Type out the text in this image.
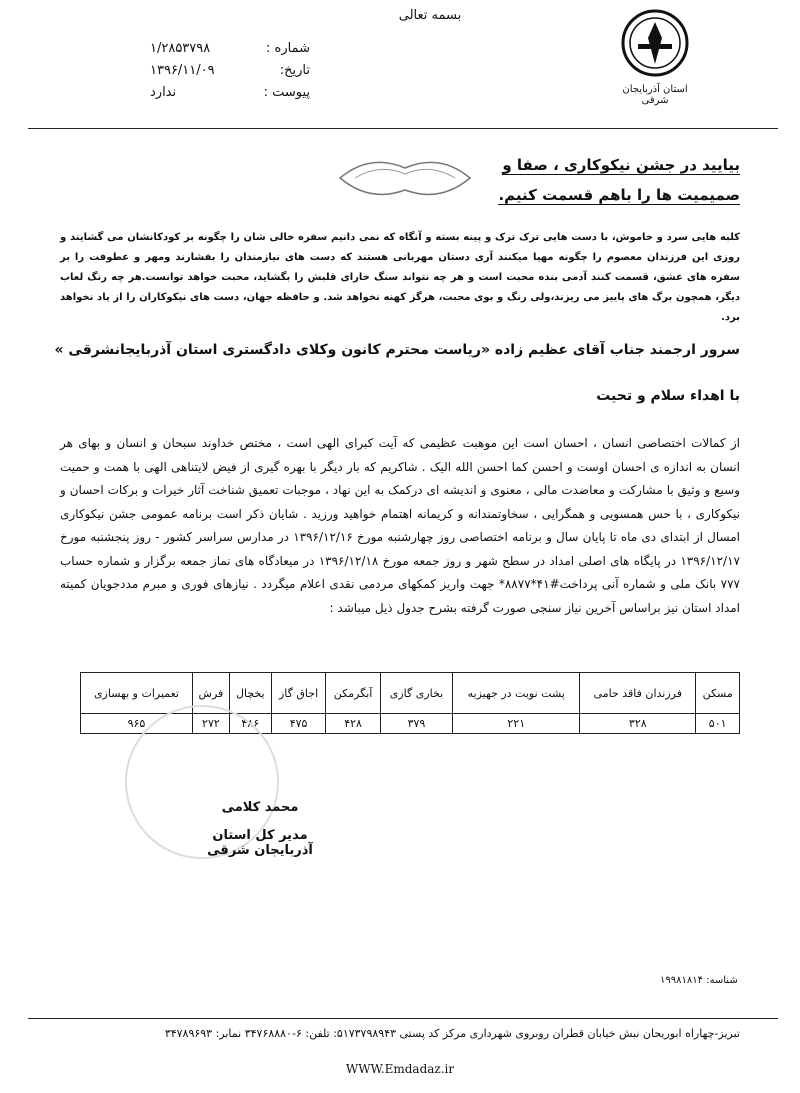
بسمه تعالی
شماره :
۱/۲۸۵۳۷۹۸
تاریخ:
۱۳۹۶/۱۱/۰۹
پیوست :
ندارد	استان آذربایجان شرقی
بیایید در جشن نیکوکاری ، صفا و
صمیمیت ها را باهم قسمت کنیم.
کلبه هایی سرد و خاموش، با دست هایی ترک ترک و پینه بسته و آنگاه که نمی دانیم سفره خالی شان را چگونه بر کودکانشان می گشایند و روزی این فرزندان معصوم را چگونه مهیا میکنند آری دستان مهربانی هستند که دست های نیازمندان را بفشارند ومهر و عطوفت را بر سفره های عشق، قسمت کنند آدمی بنده محبت است و هر چه نتواند سنگ خارای قلبش را بگشاید، محبت خواهد توانست.هر چه رنگ لعاب دیگر، همچون برگ های پاییز می ریزند،ولی رنگ و بوی محبت، هرگز کهنه نخواهد شد. و حافظه جهان، دست های نیکوکاران را از یاد نخواهد برد.
سرور ارجمند جناب آقای عظیم زاده «ریاست محترم کانون وکلای دادگستری استان آذربایجانشرقی »
با اهداء سلام و تحیت
از کمالات اختصاصی انسان ، احسان است این موهبت عظیمی که آیت کبرای الهی است ، مختص خداوند سبحان و انسان و بهای هر انسان به اندازه ی احسان اوست و احسن کما احسن الله الیک . شاکریم که بار دیگر با بهره گیری از فیض لایتناهی الهی با همت و حمیت وسیع و وثیق با مشارکت و معاضدت مالی ، معنوی و اندیشه ای درکمک به این نهاد ، موجبات تعمیق شناخت آثار خیرات و برکات احسان و نیکوکاری ، با حس همسویی و همگرایی ، سخاوتمندانه و کریمانه اهتمام خواهید ورزید . شایان ذکر است برنامه عمومی جشن نیکوکاری امسال از ابتدای دی ماه تا پایان سال و برنامه اختصاصی روز چهارشنبه مورخ ۱۳۹۶/۱۲/۱۶ در مدارس سراسر کشور - روز پنجشنبه مورخ ۱۳۹۶/۱۲/۱۷ در پایگاه های اصلی امداد در سطح شهر و روز جمعه مورخ ۱۳۹۶/۱۲/۱۸ در میعادگاه های نماز جمعه برگزار و شماره حساب ۷۷۷ بانک ملی و شماره آنی پرداخت#۴۱*۸۸۷۷* جهت واریز کمکهای مردمی نقدی اعلام میگردد . نیازهای فوری و مبرم مددجویان کمیته امداد استان نیز براساس آخرین نیاز سنجی صورت گرفته بشرح جدول ذیل میباشد :
مسکن	فرزندان فاقد حامی	پشت نوبت در جهیزیه	بخاری گازی	آبگرمکن	اجاق گاز	یخچال	فرش	تعمیرات و بهسازی
۵۰۱	۳۲۸	۲۲۱	۳۷۹	۴۲۸	۴۷۵	۴۸۶	۲۷۲	۹۶۵
محمد کلامی
مدیر کل استان آذربایجان شرقی
شناسه: ۱۹۹۸۱۸۱۴
تبریز-چهاراه ابوریحان نبش خیابان قطران روبروی شهرداری مرکز کد پستی ۵۱۷۳۷۹۸۹۴۳: تلفن: ۶-۳۴۷۶۸۸۸۰ نمابر: ۳۴۷۸۹۶۹۳
WWW.Emdadaz.ir
